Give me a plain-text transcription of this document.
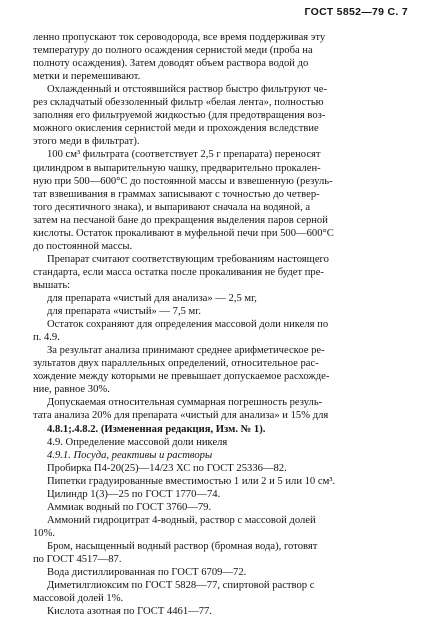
ГОСТ 5852—79 С. 7
ленно пропускают ток сероводорода, все время поддерживая эту
температуру до полного осаждения сернистой меди (проба на
полноту осаждения). Затем доводят объем раствора водой до
метки и перемешивают.
Охлажденный и отстоявшийся раствор быстро фильтруют че-
рез складчатый обеззоленный фильтр «белая лента», полностью
заполняя его фильтруемой жидкостью (для предотвращения воз-
можного окисления сернистой меди и прохождения вследствие
этого меди в фильтрат).
100 см³ фильтрата (соответствует 2,5 г препарата) переносят
цилиндром в выпарительную чашку, предварительно прокален-
ную при 500—600°С до постоянной массы и взвешенную (резуль-
тат взвешивания в граммах записывают с точностью до четвер-
того десятичного знака), и выпаривают сначала на водяной, а
затем на песчаной бане до прекращения выделения паров серной
кислоты. Остаток прокаливают в муфельной печи при 500—600°С
до постоянной массы.
Препарат считают соответствующим требованиям настоящего
стандарта, если масса остатка после прокаливания не будет пре-
вышать:
для препарата «чистый для анализа» — 2,5 мг,
для препарата «чистый» — 7,5 мг.
Остаток сохраняют для определения массовой доли никеля по
п. 4.9.
За результат анализа принимают среднее арифметическое ре-
зультатов двух параллельных определений, относительное рас-
хождение между которыми не превышает допускаемое расхожде-
ние, равное 30%.
Допускаемая относительная суммарная погрешность резуль-
тата анализа 20% для препарата «чистый для анализа» и 15% для
4.8.1;.4.8.2. (Измененная редакция, Изм. № 1).
4.9. Определение массовой доли никеля
4.9.1. Посуда, реактивы и растворы
Пробирка П4-20(25)—14/23 ХС по ГОСТ 25336—82.
Пипетки градуированные вместимостью 1 или 2 и 5 или 10 см³.
Цилиндр 1(3)—25 по ГОСТ 1770—74.
Аммиак водный по ГОСТ 3760—79.
Аммоний гидроцитрат 4-водный, раствор с массовой долей
10%.
Бром, насыщенный водный раствор (бромная вода), готовят
по ГОСТ 4517—87.
Вода дистиллированная по ГОСТ 6709—72.
Диметилглиоксим по ГОСТ 5828—77, спиртовой раствор с
массовой долей 1%.
Кислота азотная по ГОСТ 4461—77.
